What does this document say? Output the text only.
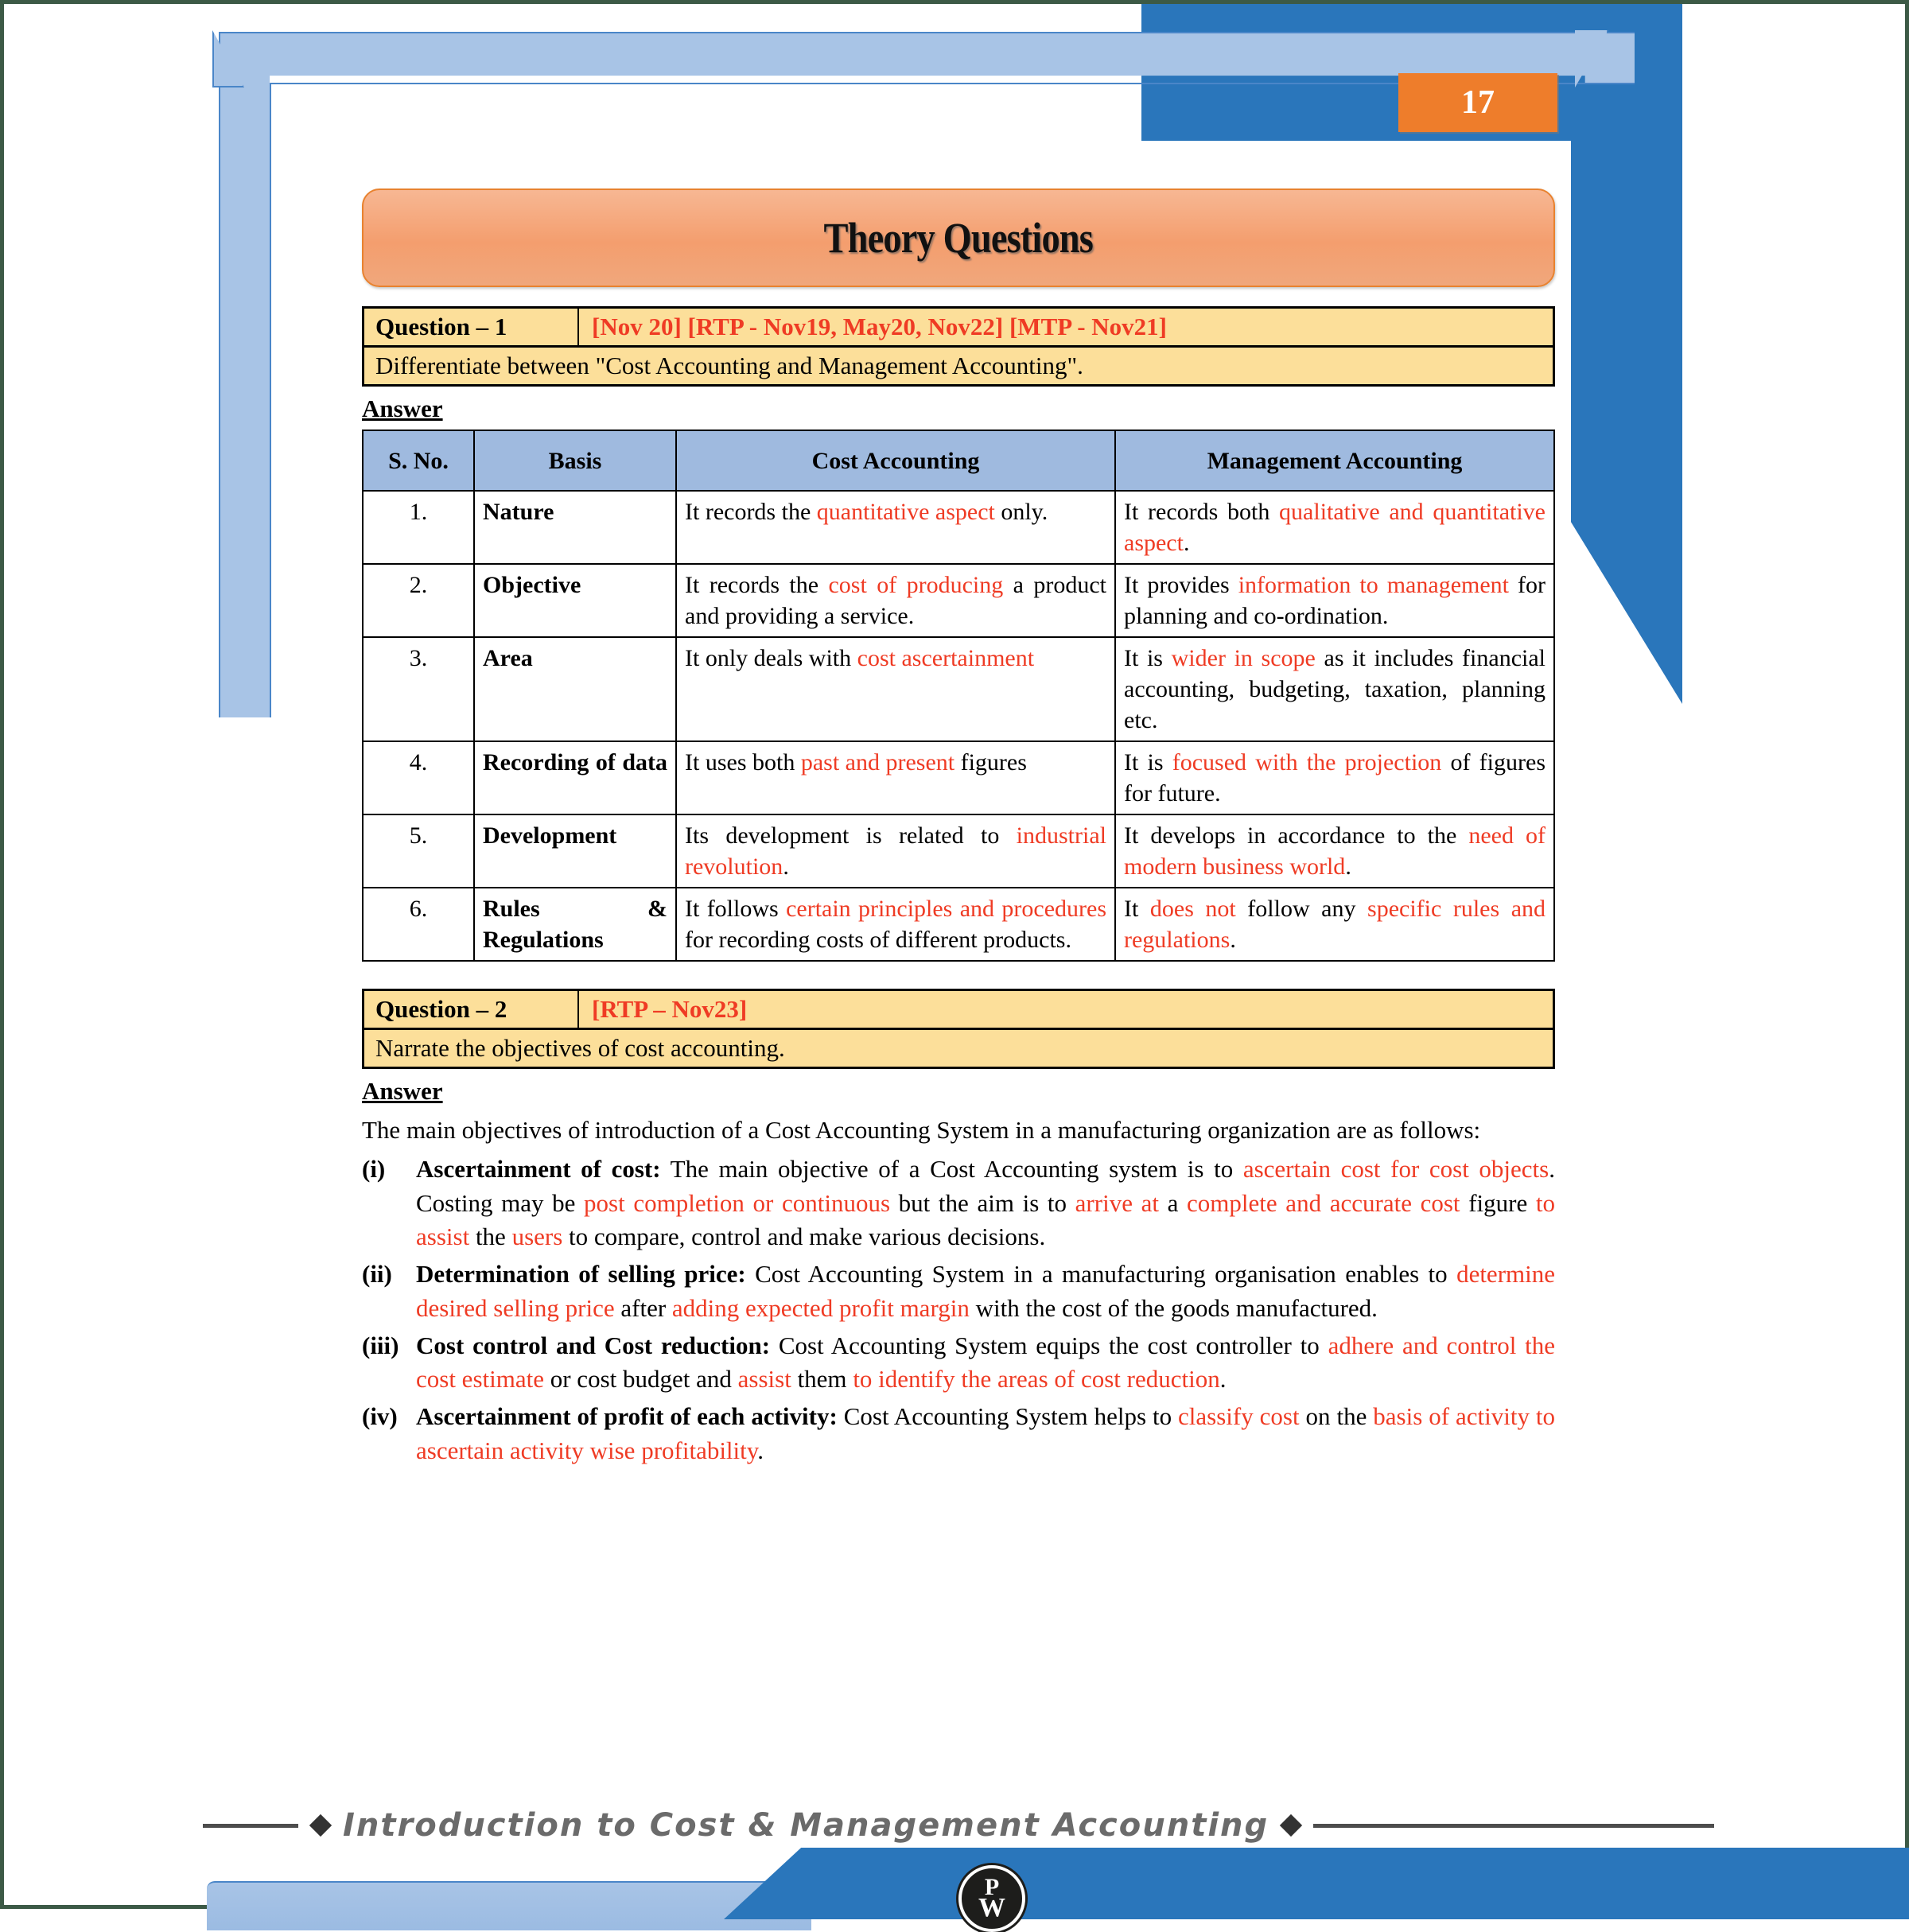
17
Theory Questions
Question – 1	[Nov 20] [RTP - Nov19, May20, Nov22] [MTP - Nov21]
Differentiate between "Cost Accounting and Management Accounting".
Answer
S. No.	Basis	Cost Accounting	Management Accounting
1.	Nature	It records the quantitative aspect only.	It records both qualitative and quantitative aspect.
2.	Objective	It records the cost of producing a product and providing a service.	It provides information to management for planning and co-ordination.
3.	Area	It only deals with cost ascertainment	It is wider in scope as it includes financial accounting, budgeting, taxation, planning etc.
4.	Recording of data	It uses both past and present figures	It is focused with the projection of figures for future.
5.	Development	Its development is related to industrial revolution.	It develops in accordance to the need of modern business world.
6.	Rules & Regulations	It follows certain principles and procedures for recording costs of different products.	It does not follow any specific rules and regulations.
Question – 2	[RTP – Nov23]
Narrate the objectives of cost accounting.
Answer
The main objectives of introduction of a Cost Accounting System in a manufacturing organization are as follows:
(i)	Ascertainment of cost: The main objective of a Cost Accounting system is to ascertain cost for cost objects. Costing may be post completion or continuous but the aim is to arrive at a complete and accurate cost figure to assist the users to compare, control and make various decisions.
(ii) Determination of selling price: Cost Accounting System in a manufacturing organisation enables to determine desired selling price after adding expected profit margin with the cost of the goods manufactured.
(iii) Cost control and Cost reduction: Cost Accounting System equips the cost controller to adhere and control the cost estimate or cost budget and assist them to identify the areas of cost reduction.
(iv) Ascertainment of profit of each activity: Cost Accounting System helps to classify cost on the basis of activity to ascertain activity wise profitability.
Introduction to Cost & Management Accounting
P
W
